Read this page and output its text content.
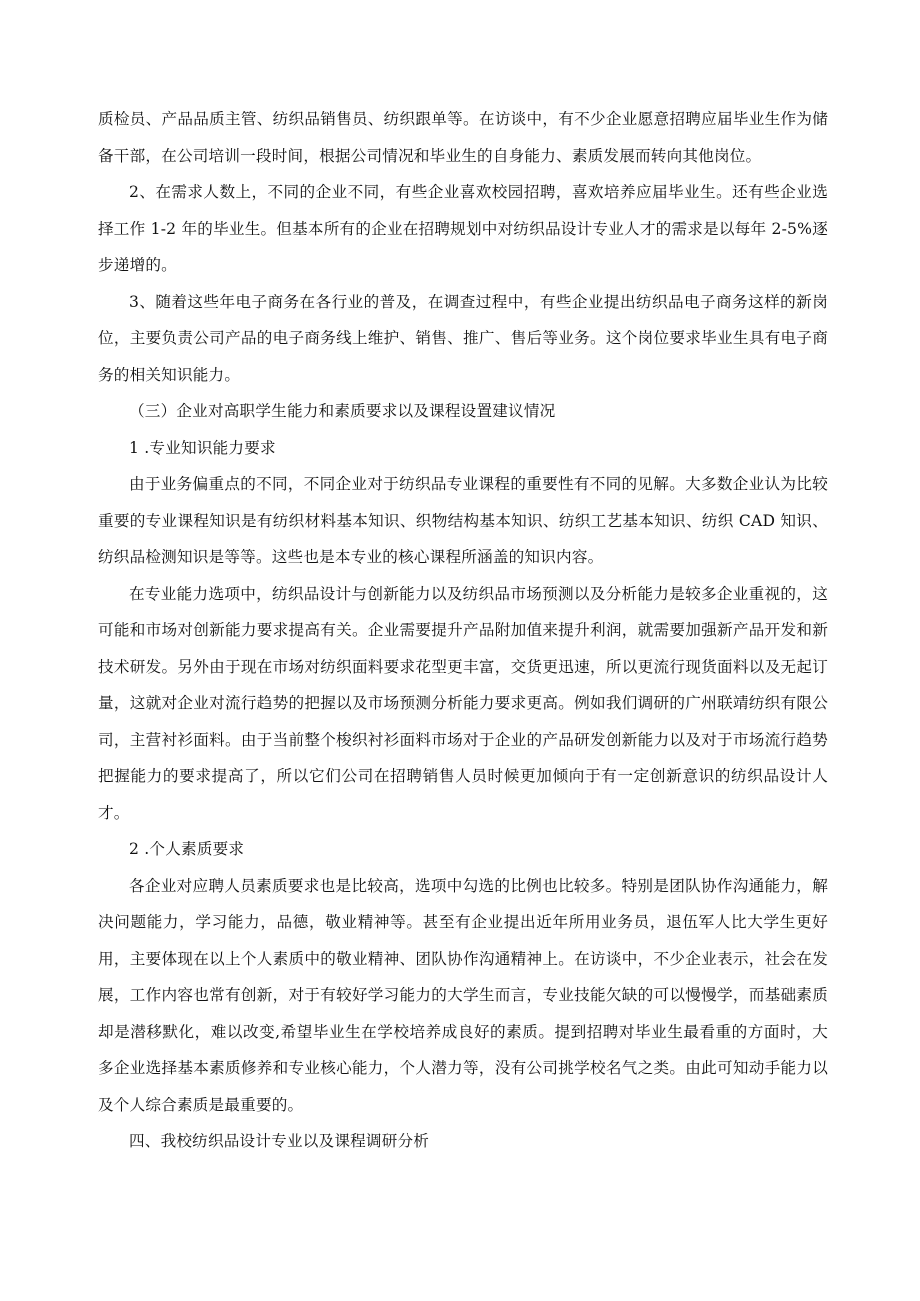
质检员、产品品质主管、纺织品销售员、纺织跟单等。在访谈中，有不少企业愿意招聘应届毕业生作为储备干部，在公司培训一段时间，根据公司情况和毕业生的自身能力、素质发展而转向其他岗位。

2、在需求人数上，不同的企业不同，有些企业喜欢校园招聘，喜欢培养应届毕业生。还有些企业选择工作 1-2 年的毕业生。但基本所有的企业在招聘规划中对纺织品设计专业人才的需求是以每年 2-5%逐步递增的。

3、随着这些年电子商务在各行业的普及，在调查过程中，有些企业提出纺织品电子商务这样的新岗位，主要负责公司产品的电子商务线上维护、销售、推广、售后等业务。这个岗位要求毕业生具有电子商务的相关知识能力。

（三）企业对高职学生能力和素质要求以及课程设置建议情况

1 .专业知识能力要求

由于业务偏重点的不同，不同企业对于纺织品专业课程的重要性有不同的见解。大多数企业认为比较重要的专业课程知识是有纺织材料基本知识、织物结构基本知识、纺织工艺基本知识、纺织 CAD 知识、纺织品检测知识是等等。这些也是本专业的核心课程所涵盖的知识内容。

在专业能力选项中，纺织品设计与创新能力以及纺织品市场预测以及分析能力是较多企业重视的，这可能和市场对创新能力要求提高有关。企业需要提升产品附加值来提升利润，就需要加强新产品开发和新技术研发。另外由于现在市场对纺织面料要求花型更丰富，交货更迅速，所以更流行现货面料以及无起订量，这就对企业对流行趋势的把握以及市场预测分析能力要求更高。例如我们调研的广州联靖纺织有限公司，主营衬衫面料。由于当前整个梭织衬衫面料市场对于企业的产品研发创新能力以及对于市场流行趋势把握能力的要求提高了，所以它们公司在招聘销售人员时候更加倾向于有一定创新意识的纺织品设计人才。

2 .个人素质要求

各企业对应聘人员素质要求也是比较高，选项中勾选的比例也比较多。特别是团队协作沟通能力，解决问题能力，学习能力，品德，敬业精神等。甚至有企业提出近年所用业务员，退伍军人比大学生更好用，主要体现在以上个人素质中的敬业精神、团队协作沟通精神上。在访谈中，不少企业表示，社会在发展，工作内容也常有创新，对于有较好学习能力的大学生而言，专业技能欠缺的可以慢慢学，而基础素质却是潜移默化，难以改变,希望毕业生在学校培养成良好的素质。提到招聘对毕业生最看重的方面时，大多企业选择基本素质修养和专业核心能力，个人潜力等，没有公司挑学校名气之类。由此可知动手能力以及个人综合素质是最重要的。

四、我校纺织品设计专业以及课程调研分析
